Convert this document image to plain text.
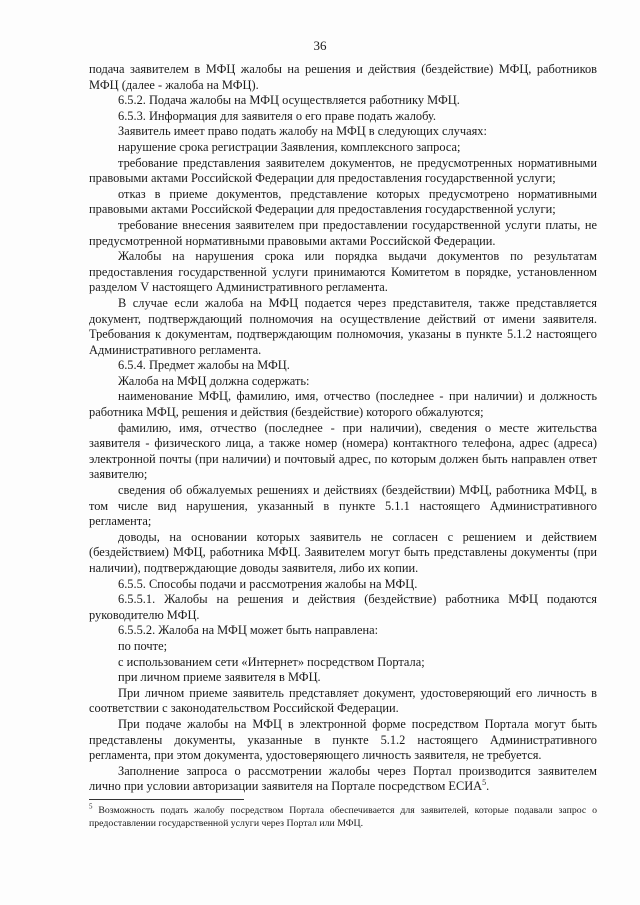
36

подача заявителем в МФЦ жалобы на решения и действия (бездействие) МФЦ, работников МФЦ (далее - жалоба на МФЦ).

6.5.2. Подача жалобы на МФЦ осуществляется работнику МФЦ.

6.5.3. Информация для заявителя о его праве подать жалобу.

Заявитель имеет право подать жалобу на МФЦ в следующих случаях:

нарушение срока регистрации Заявления, комплексного запроса;

требование представления заявителем документов, не предусмотренных нормативными правовыми актами Российской Федерации для предоставления государственной услуги;

отказ в приеме документов, представление которых предусмотрено нормативными правовыми актами Российской Федерации для предоставления государственной услуги;

требование внесения заявителем при предоставлении государственной услуги платы, не предусмотренной нормативными правовыми актами Российской Федерации.

Жалобы на нарушения срока или порядка выдачи документов по результатам предоставления государственной услуги принимаются Комитетом в порядке, установленном разделом V настоящего Административного регламента.

В случае если жалоба на МФЦ подается через представителя, также представляется документ, подтверждающий полномочия на осуществление действий от имени заявителя. Требования к документам, подтверждающим полномочия, указаны в пункте 5.1.2 настоящего Административного регламента.

6.5.4. Предмет жалобы на МФЦ.

Жалоба на МФЦ должна содержать:

наименование МФЦ, фамилию, имя, отчество (последнее - при наличии) и должность работника МФЦ, решения и действия (бездействие) которого обжалуются;

фамилию, имя, отчество (последнее - при наличии), сведения о месте жительства заявителя - физического лица, а также номер (номера) контактного телефона, адрес (адреса) электронной почты (при наличии) и почтовый адрес, по которым должен быть направлен ответ заявителю;

сведения об обжалуемых решениях и действиях (бездействии) МФЦ, работника МФЦ, в том числе вид нарушения, указанный в пункте 5.1.1 настоящего Административного регламента;

доводы, на основании которых заявитель не согласен с решением и действием (бездействием) МФЦ, работника МФЦ. Заявителем могут быть представлены документы (при наличии), подтверждающие доводы заявителя, либо их копии.

6.5.5. Способы подачи и рассмотрения жалобы на МФЦ.

6.5.5.1. Жалобы на решения и действия (бездействие) работника МФЦ подаются руководителю МФЦ.

6.5.5.2. Жалоба на МФЦ может быть направлена:

по почте;

с использованием сети «Интернет» посредством Портала;

при личном приеме заявителя в МФЦ.

При личном приеме заявитель представляет документ, удостоверяющий его личность в соответствии с законодательством Российской Федерации.

При подаче жалобы на МФЦ в электронной форме посредством Портала могут быть представлены документы, указанные в пункте 5.1.2 настоящего Административного регламента, при этом документа, удостоверяющего личность заявителя, не требуется.

Заполнение запроса о рассмотрении жалобы через Портал производится заявителем лично при условии авторизации заявителя на Портале посредством ЕСИА$^5$.

$^5$ Возможность подать жалобу посредством Портала обеспечивается для заявителей, которые подавали запрос о предоставлении государственной услуги через Портал или МФЦ.
